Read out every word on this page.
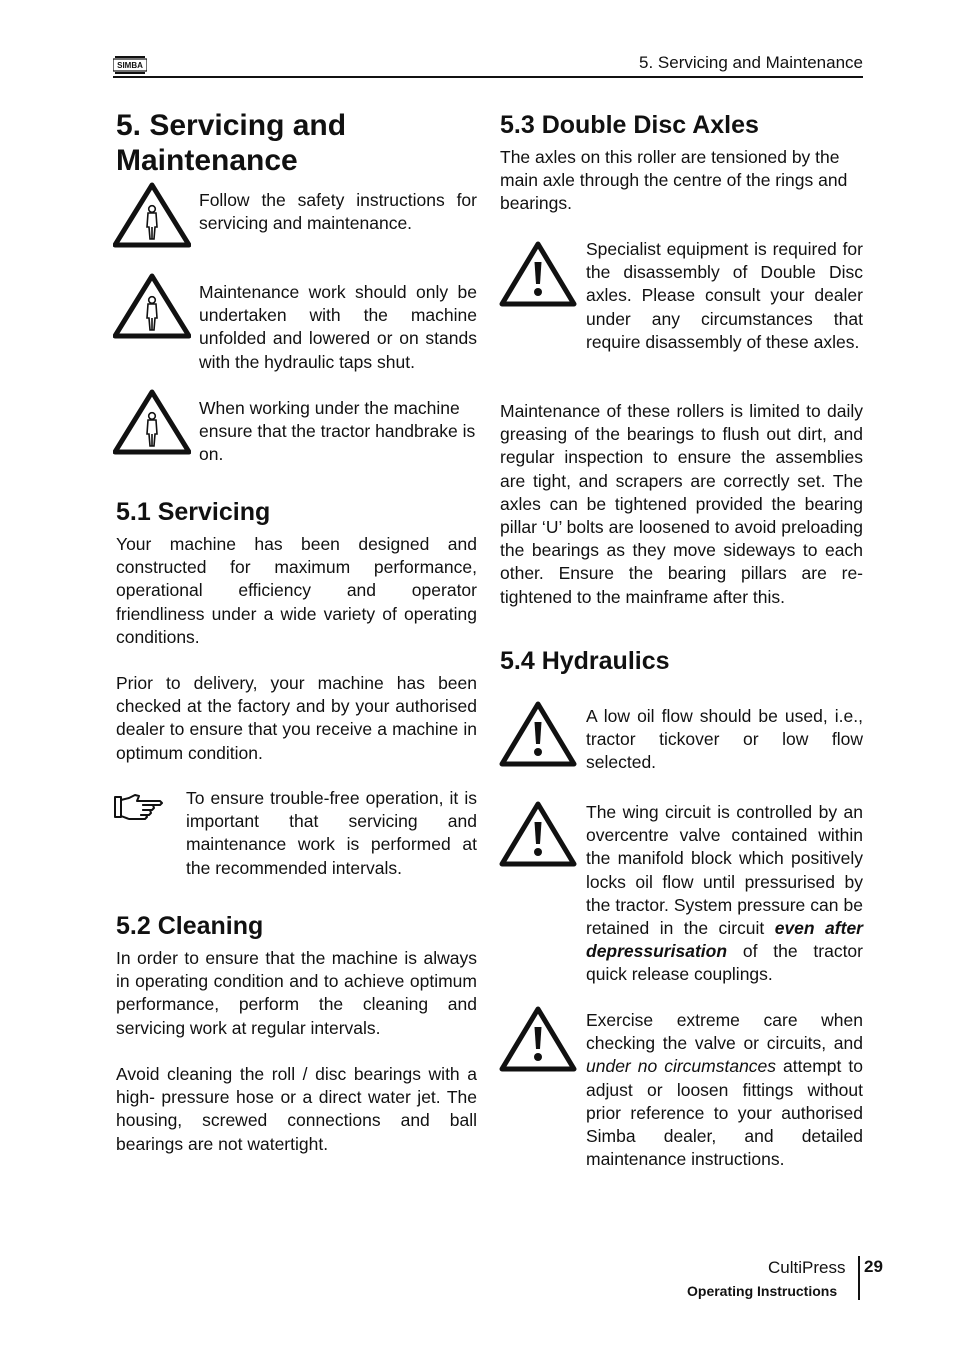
SIMBA	5. Servicing and Maintenance
5. Servicing and Maintenance
Follow the safety instructions for servicing and maintenance.
Maintenance work should only be undertaken with the machine unfolded and lowered or on stands with the hydraulic taps shut.
When working under the machine ensure that the tractor handbrake is on.
5.1 Servicing
Your machine has been designed and constructed for maximum performance, operational efficiency and operator friendliness under a wide variety of operating conditions.
Prior to delivery, your machine has been checked at the factory and by your authorised dealer to ensure that you receive a machine in optimum condition.
To ensure trouble-free operation, it is important that servicing and maintenance work is performed at the recommended intervals.
5.2 Cleaning
In order to ensure that the machine is always in operating condition and to achieve optimum performance, perform the cleaning and servicing work at regular intervals.
Avoid cleaning the roll / disc bearings with a high- pressure hose or a direct water jet. The housing, screwed connections and ball bearings are not watertight.
5.3 Double Disc Axles
The axles on this roller are tensioned by the main axle through the centre of the rings and bearings.
Specialist equipment is required for the disassembly of Double Disc axles. Please consult your dealer under any circumstances that require disassembly of these axles.
Maintenance of these rollers is limited to daily greasing of the bearings to flush out dirt, and regular inspection to ensure the assemblies are tight, and scrapers are correctly set. The axles can be tightened provided the bearing pillar ‘U’ bolts are loosened to avoid preloading the bearings as they move sideways to each other. Ensure the bearing pillars are re- tightened to the mainframe after this.
5.4 Hydraulics
A low oil flow should be used, i.e., tractor tickover or low flow selected.
The wing circuit is controlled by an overcentre valve contained within the manifold block which positively locks oil flow until pressurised by the tractor. System pressure can be retained in the circuit even after depressurisation of the tractor quick release couplings.
Exercise extreme care when checking the valve or circuits, and under no circumstances attempt to adjust or loosen fittings without prior reference to your authorised Simba dealer, and detailed maintenance instructions.
CultiPress 29
Operating Instructions
